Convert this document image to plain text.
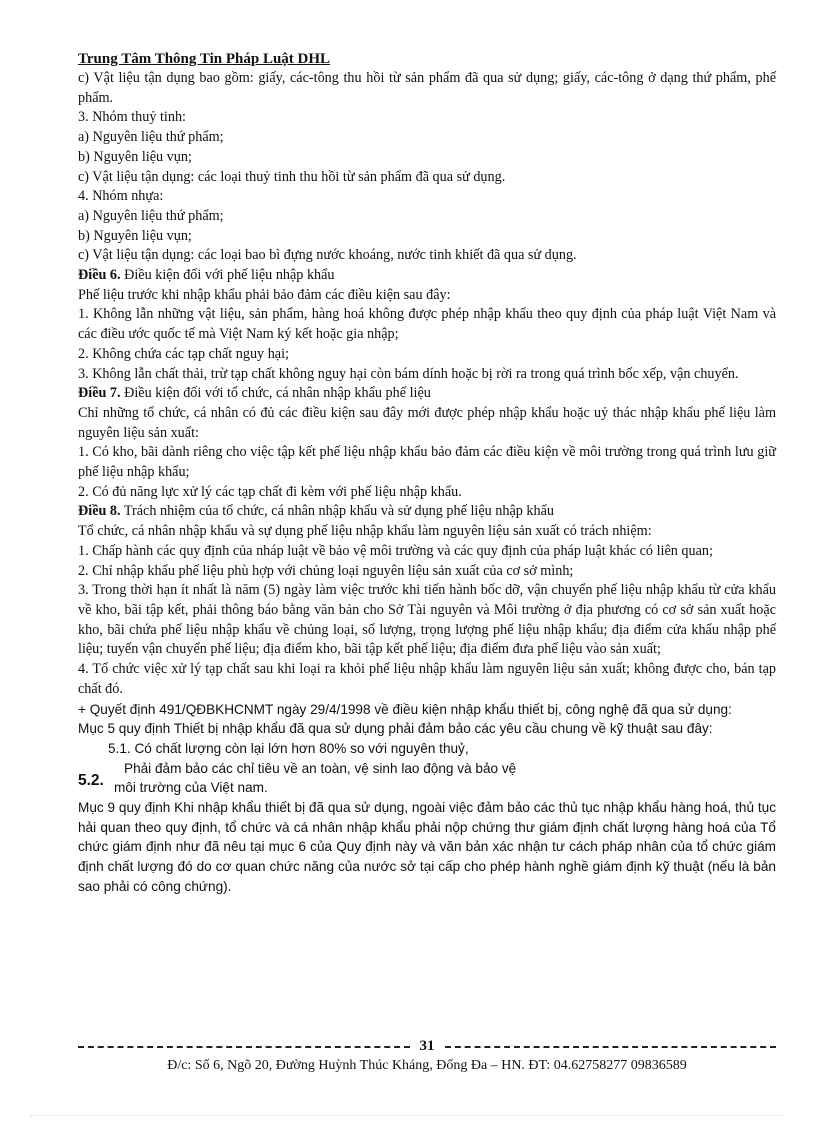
Trung Tâm Thông Tin Pháp Luật DHL
c) Vật liệu tận dụng bao gồm: giấy, các-tông thu hồi từ sản phẩm đã qua sử dụng; giấy, các-tông ở dạng thứ phẩm, phế phẩm.
3. Nhóm thuỷ tinh:
a) Nguyên liệu thứ phẩm;
b) Nguyên liệu vụn;
c) Vật liệu tận dụng: các loại thuỷ tinh thu hồi từ sản phẩm đã qua sử dụng.
4. Nhóm nhựa:
a) Nguyên liệu thứ phẩm;
b) Nguyên liệu vụn;
c) Vật liệu tận dụng: các loại bao bì đựng nước khoáng, nước tinh khiết đã qua sử dụng.
Điều 6. Điều kiện đối với phế liệu nhập khẩu
Phế liệu trước khi nhập khẩu phải bảo đảm các điều kiện sau đây:
1. Không lẫn những vật liệu, sản phẩm, hàng hoá không được phép nhập khẩu theo quy định của pháp luật Việt Nam và các điều ước quốc tế mà Việt Nam ký kết hoặc gia nhập;
2. Không chứa các tạp chất nguy hại;
3. Không lẫn chất thải, trừ tạp chất không nguy hại còn bám dính hoặc bị rời ra trong quá trình bốc xếp, vận chuyển.
Điều 7. Điều kiện đối với tổ chức, cá nhân nhập khẩu phế liệu
Chỉ những tổ chức, cá nhân có đủ các điều kiện sau đây mới được phép nhập khẩu hoặc uỷ thác nhập khẩu phế liệu làm nguyên liệu sản xuất:
1. Có kho, bãi dành riêng cho việc tập kết phế liệu nhập khẩu bảo đảm các điều kiện về môi trường trong quá trình lưu giữ phế liệu nhập khẩu;
2. Có đủ năng lực xử lý các tạp chất đi kèm với phế liệu nhập khẩu.
Điều 8. Trách nhiệm của tổ chức, cá nhân nhập khẩu và sử dụng phế liệu nhập khẩu
Tổ chức, cá nhân nhập khẩu và sự dụng phế liệu nhập khẩu làm nguyên liệu sản xuất có trách nhiệm:
1. Chấp hành các quy định của nháp luật về bảo vệ môi trường và các quy định của pháp luật khác có liên quan;
2. Chỉ nhập khẩu phế liệu phù hợp với chủng loại nguyên liệu sản xuất của cơ sở mình;
3. Trong thời hạn ít nhất là năm (5) ngày làm việc trước khi tiến hành bốc dỡ, vận chuyển phế liệu nhập khẩu từ cửa khẩu về kho, bãi tập kết, phải thông báo bằng văn bản cho Sở Tài nguyên và Môi trường ở địa phương có cơ sở sản xuất hoặc kho, bãi chứa phế liệu nhập khẩu về chủng loại, số lượng, trọng lượng phế liệu nhập khẩu; địa điểm cửa khẩu nhập phế liệu; tuyến vận chuyển phế liệu; địa điểm kho, bãi tập kết phế liệu; địa điểm đưa phế liệu vào sản xuất;
4. Tổ chức việc xử lý tạp chất sau khi loại ra khỏi phế liệu nhập khẩu làm nguyên liệu sản xuất; không được cho, bán tạp chất đó.
+ Quyết định 491/QĐBKHCNMT ngày 29/4/1998 về điều kiện nhập khẩu thiết bị, công nghệ đã qua sử dụng:
Mục 5 quy định Thiết bị nhập khẩu đã qua sử dụng phải đảm bảo các yêu cầu chung về kỹ thuật sau đây:
5.1. Có chất lượng còn lại lớn hơn 80% so với nguyên thuỷ,
5.2.
Phải đảm bảo các chỉ tiêu về an toàn, vệ sinh lao động và bảo vệ
môi trường của Việt nam.
Mục 9 quy định Khi nhập khẩu thiết bị đã qua sử dụng, ngoài việc đảm bảo các thủ tục nhập khẩu hàng hoá, thủ tục hải quan theo quy định, tổ chức và cá nhân nhập khẩu phải nộp chứng thư giám định chất lượng hàng hoá của Tổ chức giám định như đã nêu tại mục 6 của Quy định này và văn bản xác nhận tư cách pháp nhân của tổ chức giám định chất lượng đó do cơ quan chức năng của nước sở tại cấp cho phép hành nghề giám định kỹ thuật (nếu là bản sao phải có công chứng).
31
Đ/c: Số 6, Ngõ 20, Đường Huỳnh Thúc Kháng, Đống Đa – HN. ĐT: 04.62758277 09836589
